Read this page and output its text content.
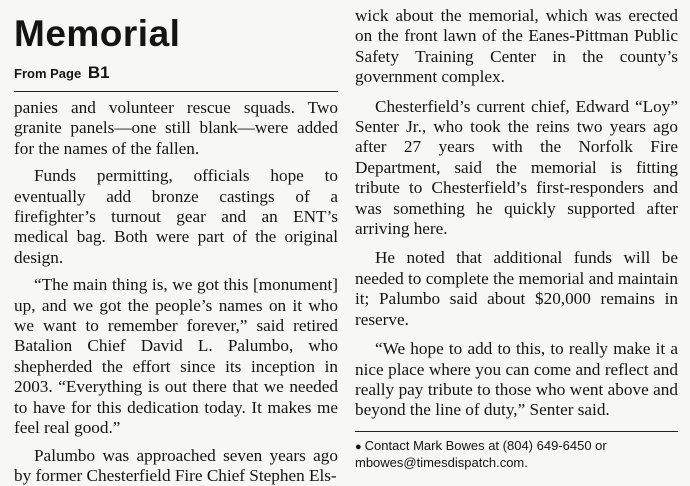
Memorial
From Page B1

panies and volunteer rescue squads. Two granite panels—one still blank—were added for the names of the fallen.

Funds permitting, officials hope to eventually add bronze castings of a firefighter’s turnout gear and an ENT’s medical bag. Both were part of the original design.

“The main thing is, we got this [monument] up, and we got the people’s names on it who we want to remember forever,” said retired Batalion Chief David L. Palumbo, who shepherded the effort since its inception in 2003. “Everything is out there that we needed to have for this dedication today. It makes me feel real good.”

Palumbo was approached seven years ago by former Chesterfield Fire Chief Stephen Els-

wick about the memorial, which was erected on the front lawn of the Eanes-Pittman Public Safety Training Center in the county’s government complex.

Chesterfield’s current chief, Edward “Loy” Senter Jr., who took the reins two years ago after 27 years with the Norfolk Fire Department, said the memorial is fitting tribute to Chesterfield’s first-responders and was something he quickly supported after arriving here.

He noted that additional funds will be needed to complete the memorial and maintain it; Palumbo said about $20,000 remains in reserve.

“We hope to add to this, to really make it a nice place where you can come and reflect and really pay tribute to those who went above and beyond the line of duty,” Senter said.

● Contact Mark Bowes at (804) 649-6450 or
mbowes@timesdispatch.com.
